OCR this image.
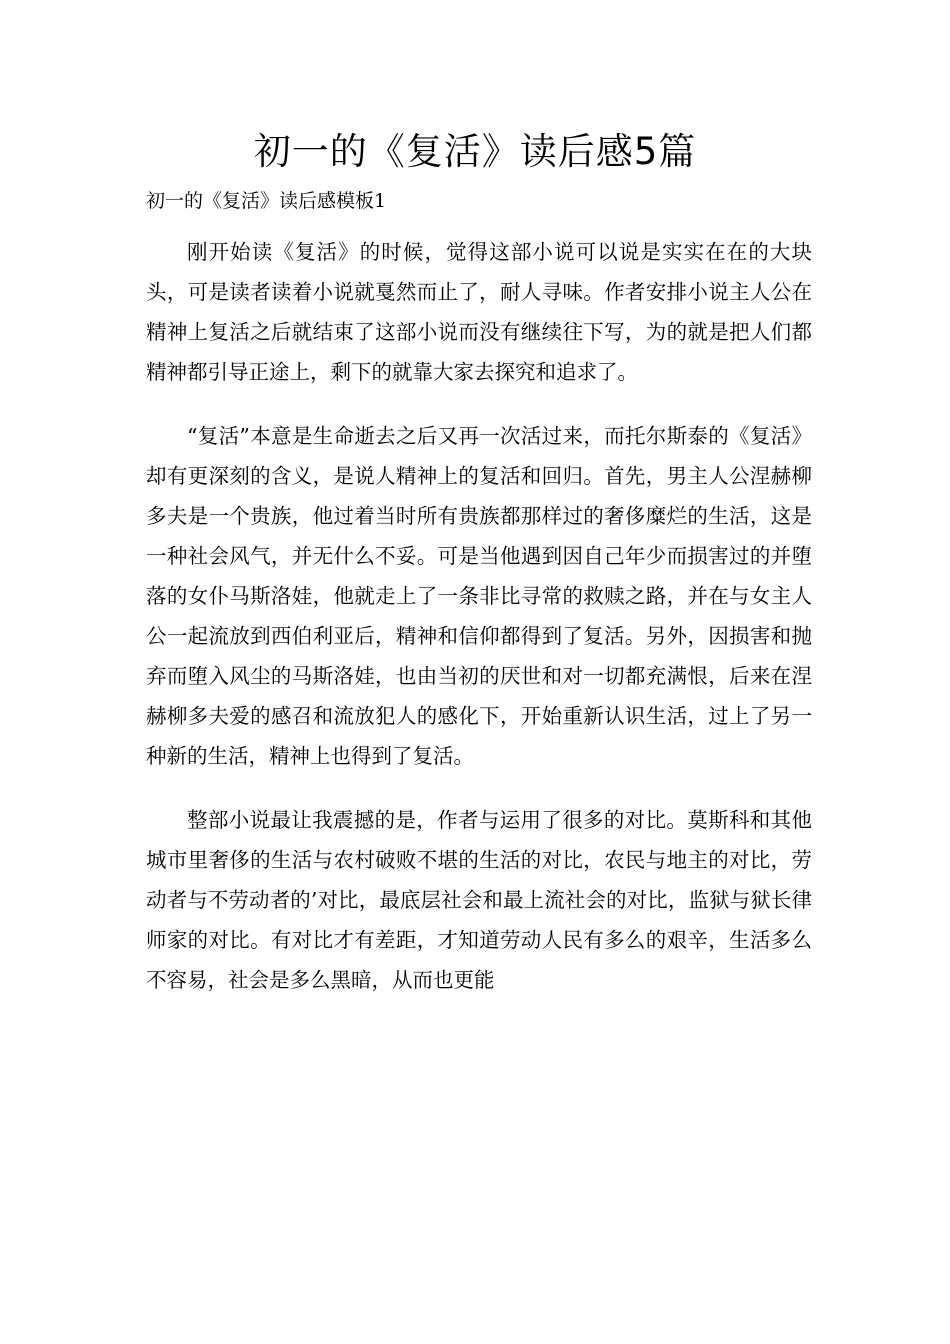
初一的《复活》读后感5篇
初一的《复活》读后感模板1

刚开始读《复活》的时候，觉得这部小说可以说是实实在在的大块头，可是读者读着小说就戛然而止了，耐人寻味。作者安排小说主人公在精神上复活之后就结束了这部小说而没有继续往下写，为的就是把人们都精神都引导正途上，剩下的就靠大家去探究和追求了。

“复活”本意是生命逝去之后又再一次活过来，而托尔斯泰的《复活》却有更深刻的含义，是说人精神上的复活和回归。首先，男主人公涅赫柳多夫是一个贵族，他过着当时所有贵族都那样过的奢侈糜烂的生活，这是一种社会风气，并无什么不妥。可是当他遇到因自己年少而损害过的并堕落的女仆马斯洛娃，他就走上了一条非比寻常的救赎之路，并在与女主人公一起流放到西伯利亚后，精神和信仰都得到了复活。另外，因损害和抛弃而堕入风尘的马斯洛娃，也由当初的厌世和对一切都充满恨，后来在涅赫柳多夫爱的感召和流放犯人的感化下，开始重新认识生活，过上了另一种新的生活，精神上也得到了复活。

整部小说最让我震撼的是，作者与运用了很多的对比。莫斯科和其他城市里奢侈的生活与农村破败不堪的生活的对比，农民与地主的对比，劳动者与不劳动者的’对比，最底层社会和最上流社会的对比，监狱与狱长律师家的对比。有对比才有差距，才知道劳动人民有多么的艰辛，生活多么不容易，社会是多么黑暗，从而也更能
